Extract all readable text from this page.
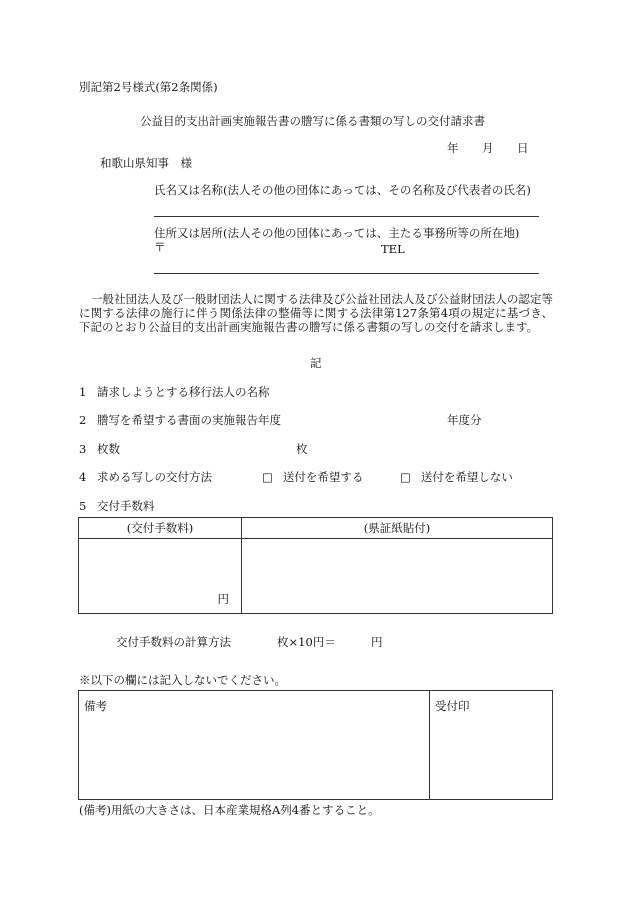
別記第2号様式(第2条関係)
公益目的支出計画実施報告書の謄写に係る書類の写しの交付請求書
年 月 日
和歌山県知事　様
氏名又は名称(法人その他の団体にあっては、その名称及び代表者の氏名)
住所又は居所(法人その他の団体にあっては、主たる事務所等の所在地)
〒	TEL
一般社団法人及び一般財団法人に関する法律及び公益社団法人及び公益財団法人の認定等に関する法律の施行に伴う関係法律の整備等に関する法律第127条第4項の規定に基づき、下記のとおり公益目的支出計画実施報告書の謄写に係る書類の写しの交付を請求します。
記
1 請求しようとする移行法人の名称
2 謄写を希望する書面の実施報告年度	年度分
3 枚数	枚
4 求める写しの交付方法	□ 送付を希望する	□ 送付を希望しない
5 交付手数料
(交付手数料)	(県証紙貼付)

円	

交付手数料の計算方法	枚×10円＝	円
※以下の欄には記入しないでください。
備考	受付印
(備考)用紙の大きさは、日本産業規格A列4番とすること。
